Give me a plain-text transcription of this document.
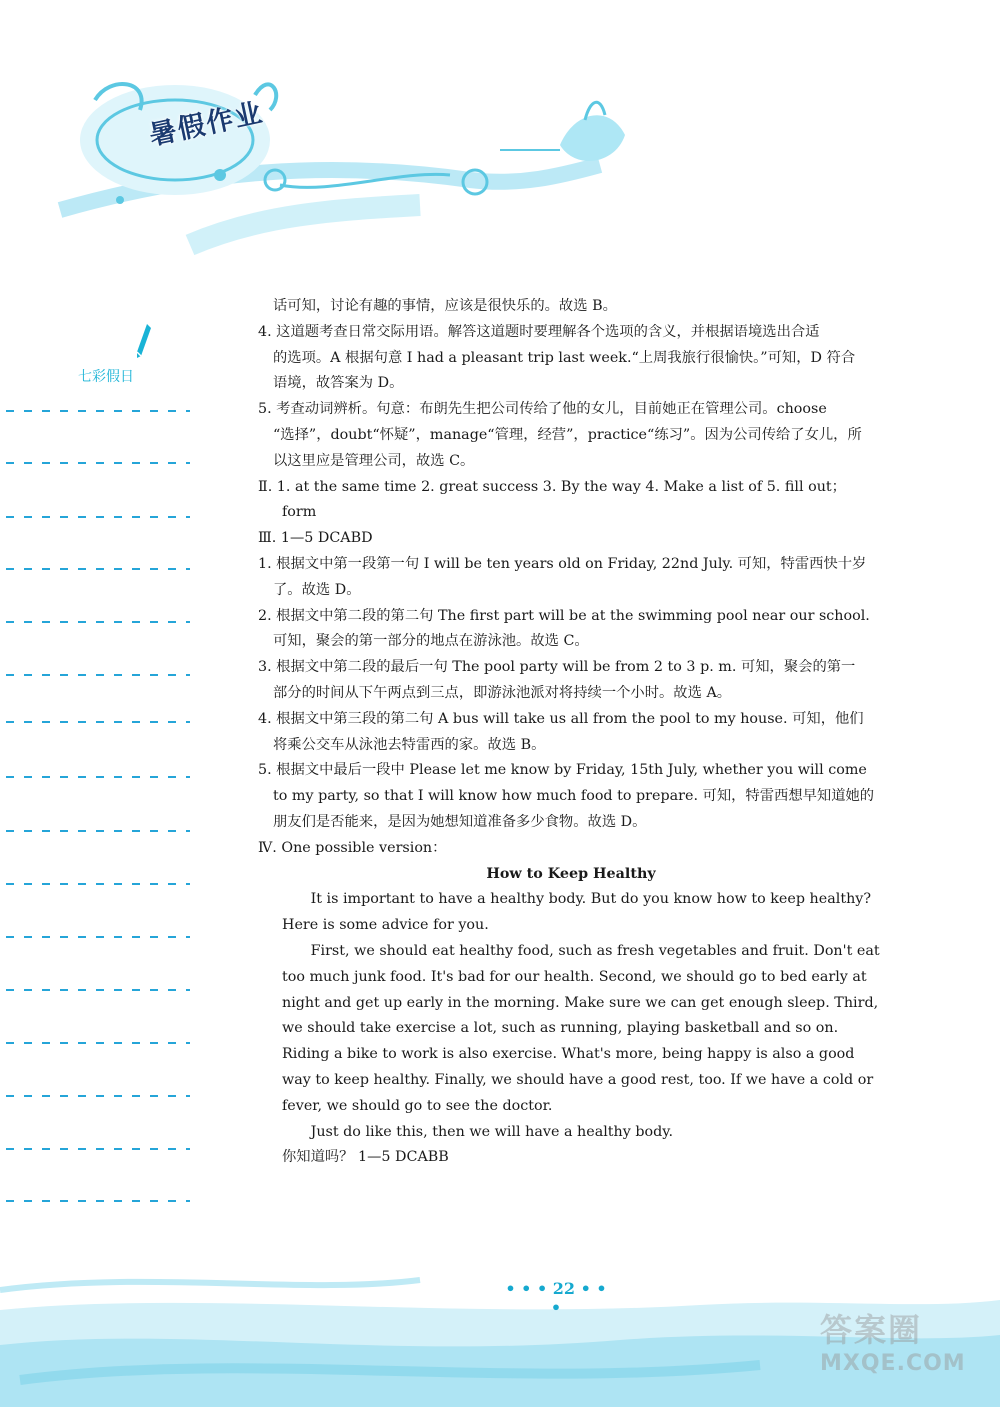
暑假作业
七彩假日

话可知，讨论有趣的事情，应该是很快乐的。故选 B。

4. 这道题考查日常交际用语。解答这道题时要理解各个选项的含义，并根据语境选出合适

的选项。A 根据句意 I had a pleasant trip last week.“上周我旅行很愉快。”可知，D 符合

语境，故答案为 D。

5. 考查动词辨析。句意：布朗先生把公司传给了他的女儿，目前她正在管理公司。choose

“选择”，doubt“怀疑”，manage“管理，经营”，practice“练习”。因为公司传给了女儿，所

以这里应是管理公司，故选 C。

Ⅱ. 1. at the same time 2. great success 3. By the way 4. Make a list of 5. fill out；

form

Ⅲ. 1—5 DCABD

1. 根据文中第一段第一句 I will be ten years old on Friday, 22nd July. 可知，特雷西快十岁

了。故选 D。

2. 根据文中第二段的第二句 The first part will be at the swimming pool near our school.

可知，聚会的第一部分的地点在游泳池。故选 C。

3. 根据文中第二段的最后一句 The pool party will be from 2 to 3 p. m. 可知，聚会的第一

部分的时间从下午两点到三点，即游泳池派对将持续一个小时。故选 A。

4. 根据文中第三段的第二句 A bus will take us all from the pool to my house. 可知，他们

将乘公交车从泳池去特雷西的家。故选 B。

5. 根据文中最后一段中 Please let me know by Friday, 15th July, whether you will come

to my party, so that I will know how much food to prepare. 可知，特雷西想早知道她的

朋友们是否能来，是因为她想知道准备多少食物。故选 D。

Ⅳ. One possible version：

How to Keep Healthy

It is important to have a healthy body. But do you know how to keep healthy? Here is some advice for you.

First, we should eat healthy food, such as fresh vegetables and fruit. Don't eat too much junk food. It's bad for our health. Second, we should go to bed early at night and get up early in the morning. Make sure we can get enough sleep. Third, we should take exercise a lot, such as running, playing basketball and so on. Riding a bike to work is also exercise. What's more, being happy is also a good way to keep healthy. Finally, we should have a good rest, too. If we have a cold or fever, we should go to see the doctor.

Just do like this, then we will have a healthy body.

你知道吗？ 1—5 DCABB

• • • 22 • • •
答案圈
MXQE.COM
